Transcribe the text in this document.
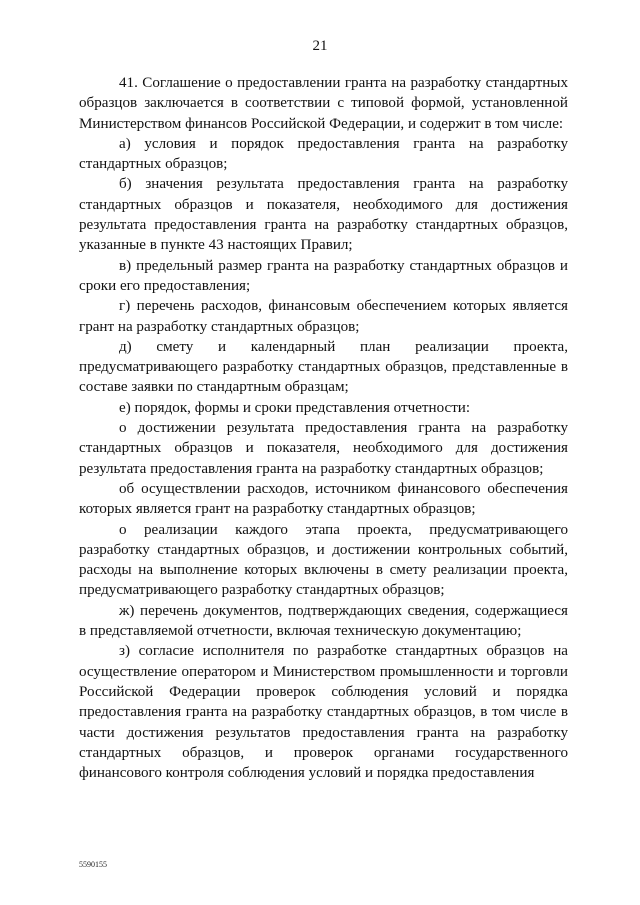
21

41. Соглашение о предоставлении гранта на разработку стандартных образцов заключается в соответствии с типовой формой, установленной Министерством финансов Российской Федерации, и содержит в том числе:

а) условия и порядок предоставления гранта на разработку стандартных образцов;

б) значения результата предоставления гранта на разработку стандартных образцов и показателя, необходимого для достижения результата предоставления гранта на разработку стандартных образцов, указанные в пункте 43 настоящих Правил;

в) предельный размер гранта на разработку стандартных образцов и сроки его предоставления;

г) перечень расходов, финансовым обеспечением которых является грант на разработку стандартных образцов;

д) смету и календарный план реализации проекта, предусматривающего разработку стандартных образцов, представленные в составе заявки по стандартным образцам;

е) порядок, формы и сроки представления отчетности:

о достижении результата предоставления гранта на разработку стандартных образцов и показателя, необходимого для достижения результата предоставления гранта на разработку стандартных образцов;

об осуществлении расходов, источником финансового обеспечения которых является грант на разработку стандартных образцов;

о реализации каждого этапа проекта, предусматривающего разработку стандартных образцов, и достижении контрольных событий, расходы на выполнение которых включены в смету реализации проекта, предусматривающего разработку стандартных образцов;

ж) перечень документов, подтверждающих сведения, содержащиеся в представляемой отчетности, включая техническую документацию;

з) согласие исполнителя по разработке стандартных образцов на осуществление оператором и Министерством промышленности и торговли Российской Федерации проверок соблюдения условий и порядка предоставления гранта на разработку стандартных образцов, в том числе в части достижения результатов предоставления гранта на разработку стандартных образцов, и проверок органами государственного финансового контроля соблюдения условий и порядка предоставления

5590155
